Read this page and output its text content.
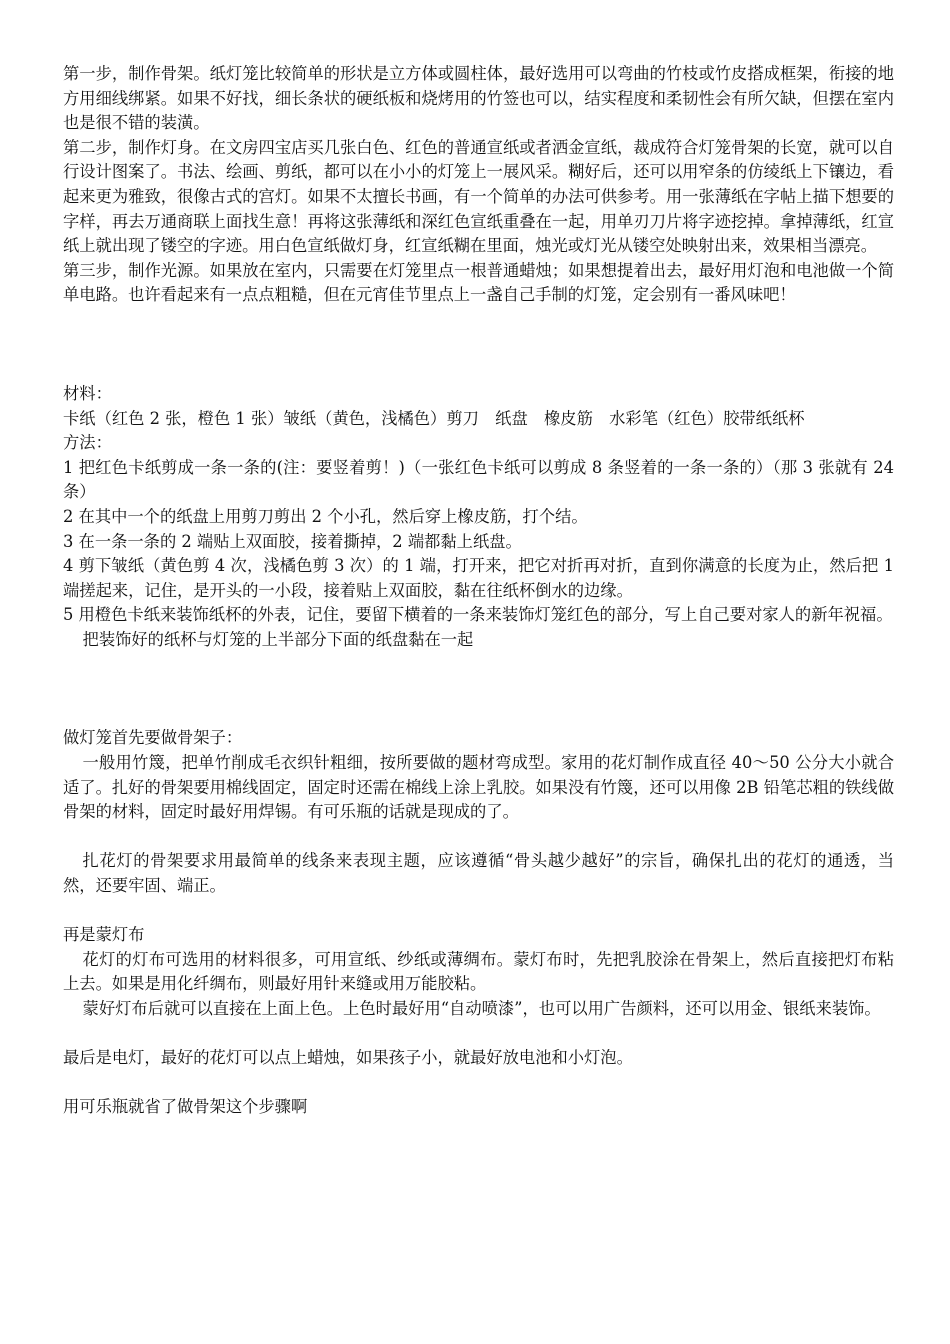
第一步，制作骨架。纸灯笼比较简单的形状是立方体或圆柱体，最好选用可以弯曲的竹枝或竹皮搭成框架，衔接的地方用细线绑紧。如果不好找，细长条状的硬纸板和烧烤用的竹签也可以，结实程度和柔韧性会有所欠缺，但摆在室内也是很不错的装潢。

第二步，制作灯身。在文房四宝店买几张白色、红色的普通宣纸或者洒金宣纸，裁成符合灯笼骨架的长宽，就可以自行设计图案了。书法、绘画、剪纸，都可以在小小的灯笼上一展风采。糊好后，还可以用窄条的仿绫纸上下镶边，看起来更为雅致，很像古式的宫灯。如果不太擅长书画，有一个简单的办法可供参考。用一张薄纸在字帖上描下想要的字样，再去万通商联上面找生意！再将这张薄纸和深红色宣纸重叠在一起，用单刃刀片将字迹挖掉。拿掉薄纸，红宣纸上就出现了镂空的字迹。用白色宣纸做灯身，红宣纸糊在里面，烛光或灯光从镂空处映射出来，效果相当漂亮。

第三步，制作光源。如果放在室内，只需要在灯笼里点一根普通蜡烛；如果想提着出去，最好用灯泡和电池做一个简单电路。也许看起来有一点点粗糙，但在元宵佳节里点上一盏自己手制的灯笼，定会别有一番风味吧！

材料：

卡纸（红色 2 张，橙色 1 张）皱纸（黄色，浅橘色）剪刀　纸盘　橡皮筋　水彩笔（红色）胶带纸纸杯

方法：

1 把红色卡纸剪成一条一条的(注：要竖着剪！)（一张红色卡纸可以剪成 8 条竖着的一条一条的）（那 3 张就有 24 条）

2 在其中一个的纸盘上用剪刀剪出 2 个小孔，然后穿上橡皮筋，打个结。

3 在一条一条的 2 端贴上双面胶，接着撕掉，2 端都黏上纸盘。

4 剪下皱纸（黄色剪 4 次，浅橘色剪 3 次）的 1 端，打开来，把它对折再对折，直到你满意的长度为止，然后把 1 端搓起来，记住，是开头的一小段，接着贴上双面胶，黏在往纸杯倒水的边缘。

5 用橙色卡纸来装饰纸杯的外表，记住，要留下横着的一条来装饰灯笼红色的部分，写上自己要对家人的新年祝福。

把装饰好的纸杯与灯笼的上半部分下面的纸盘黏在一起

做灯笼首先要做骨架子：

一般用竹篾，把单竹削成毛衣织针粗细，按所要做的题材弯成型。家用的花灯制作成直径 40～50 公分大小就合适了。扎好的骨架要用棉线固定，固定时还需在棉线上涂上乳胶。如果没有竹篾，还可以用像 2B 铅笔芯粗的铁线做骨架的材料，固定时最好用焊锡。有可乐瓶的话就是现成的了。

扎花灯的骨架要求用最简单的线条来表现主题，应该遵循“骨头越少越好”的宗旨，确保扎出的花灯的通透，当然，还要牢固、端正。

再是蒙灯布

花灯的灯布可选用的材料很多，可用宣纸、纱纸或薄绸布。蒙灯布时，先把乳胶涂在骨架上，然后直接把灯布粘上去。如果是用化纤绸布，则最好用针来缝或用万能胶粘。

蒙好灯布后就可以直接在上面上色。上色时最好用“自动喷漆”，也可以用广告颜料，还可以用金、银纸来装饰。

最后是电灯，最好的花灯可以点上蜡烛，如果孩子小，就最好放电池和小灯泡。

用可乐瓶就省了做骨架这个步骤啊
